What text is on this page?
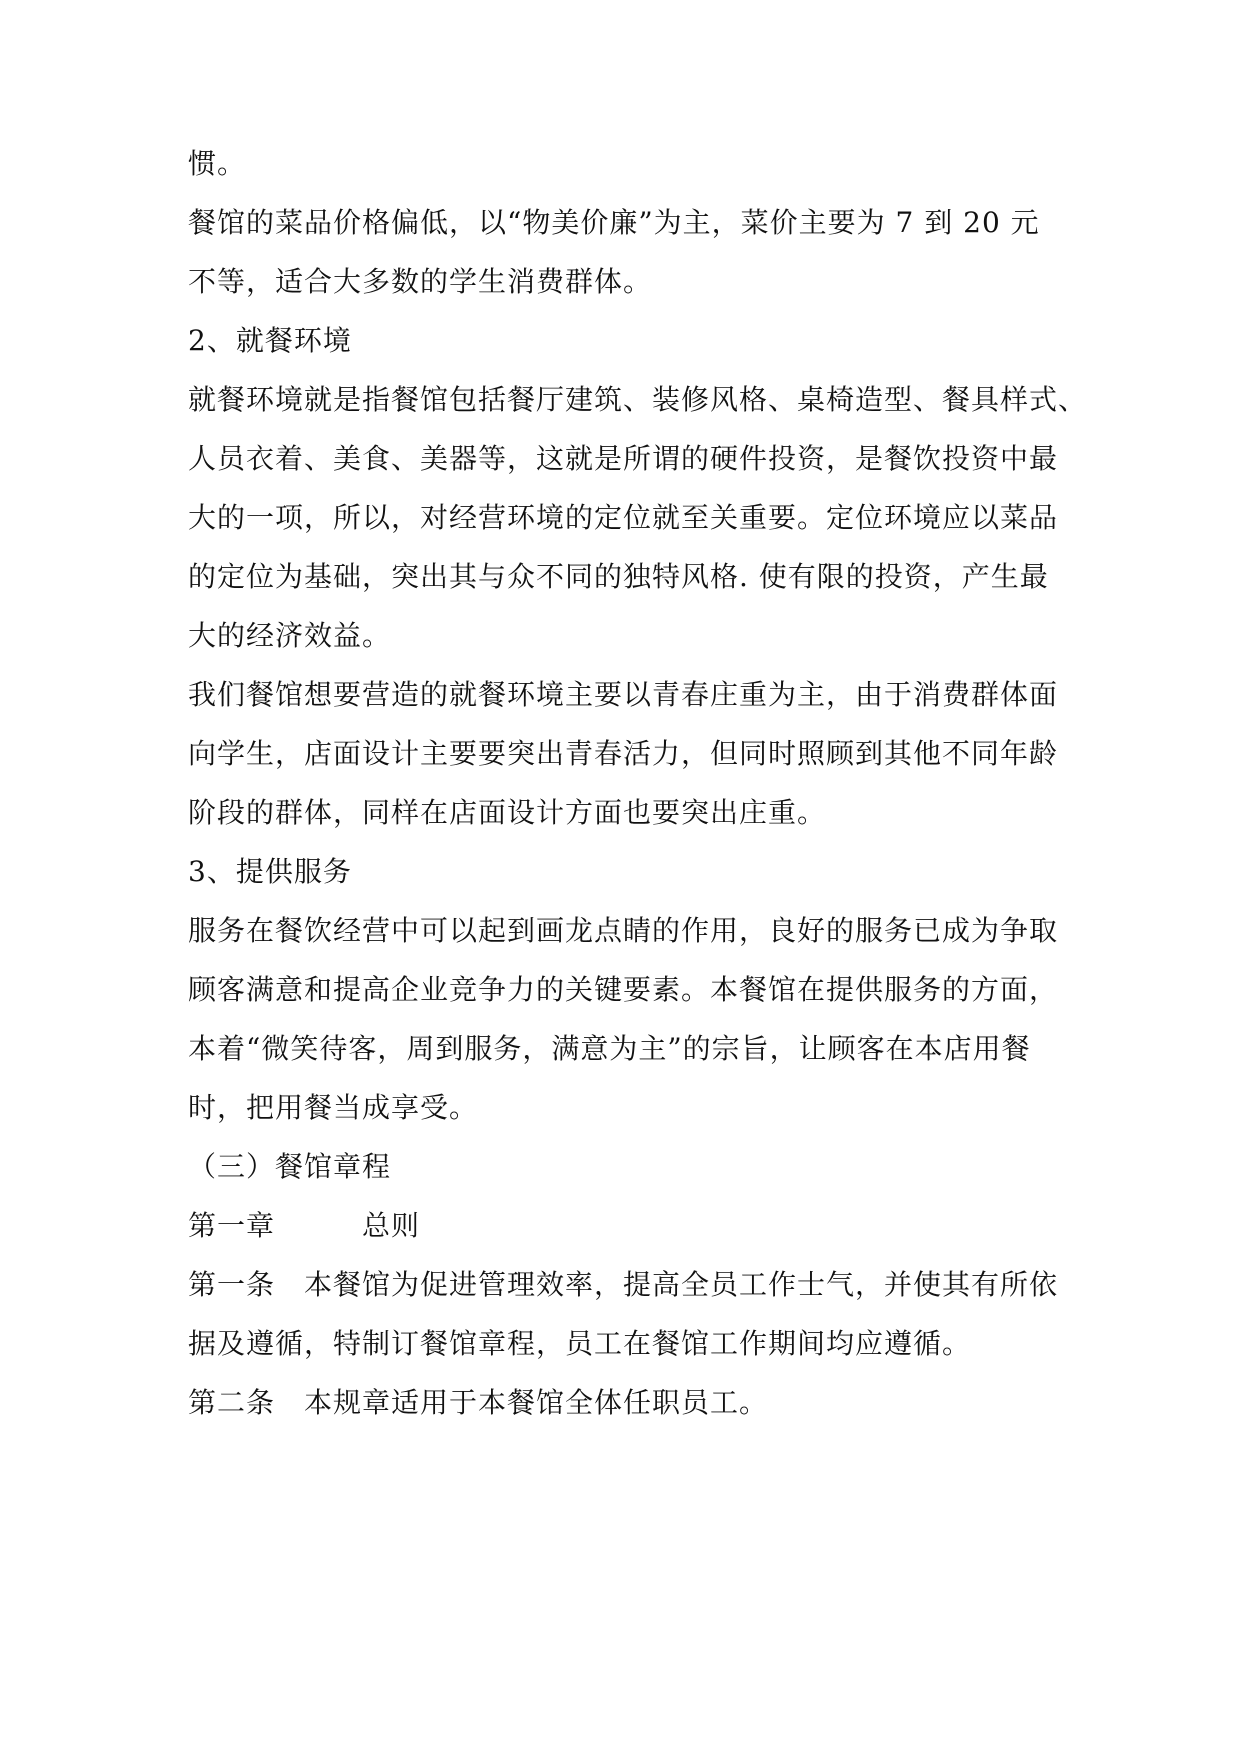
惯。
餐馆的菜品价格偏低，以“物美价廉”为主，菜价主要为 7 到 20 元
不等，适合大多数的学生消费群体。
2、就餐环境
就餐环境就是指餐馆包括餐厅建筑、装修风格、桌椅造型、餐具样式、
人员衣着、美食、美器等，这就是所谓的硬件投资，是餐饮投资中最
大的一项，所以，对经营环境的定位就至关重要。定位环境应以菜品
的定位为基础，突出其与众不同的独特风格. 使有限的投资，产生最
大的经济效益。
我们餐馆想要营造的就餐环境主要以青春庄重为主，由于消费群体面
向学生，店面设计主要要突出青春活力，但同时照顾到其他不同年龄
阶段的群体，同样在店面设计方面也要突出庄重。
3、提供服务
服务在餐饮经营中可以起到画龙点睛的作用，良好的服务已成为争取
顾客满意和提高企业竞争力的关键要素。本餐馆在提供服务的方面，
本着“微笑待客，周到服务，满意为主”的宗旨，让顾客在本店用餐
时，把用餐当成享受。
（三）餐馆章程
第一章　　　总则
第一条　本餐馆为促进管理效率，提高全员工作士气，并使其有所依
据及遵循，特制订餐馆章程，员工在餐馆工作期间均应遵循。
第二条　本规章适用于本餐馆全体任职员工。
